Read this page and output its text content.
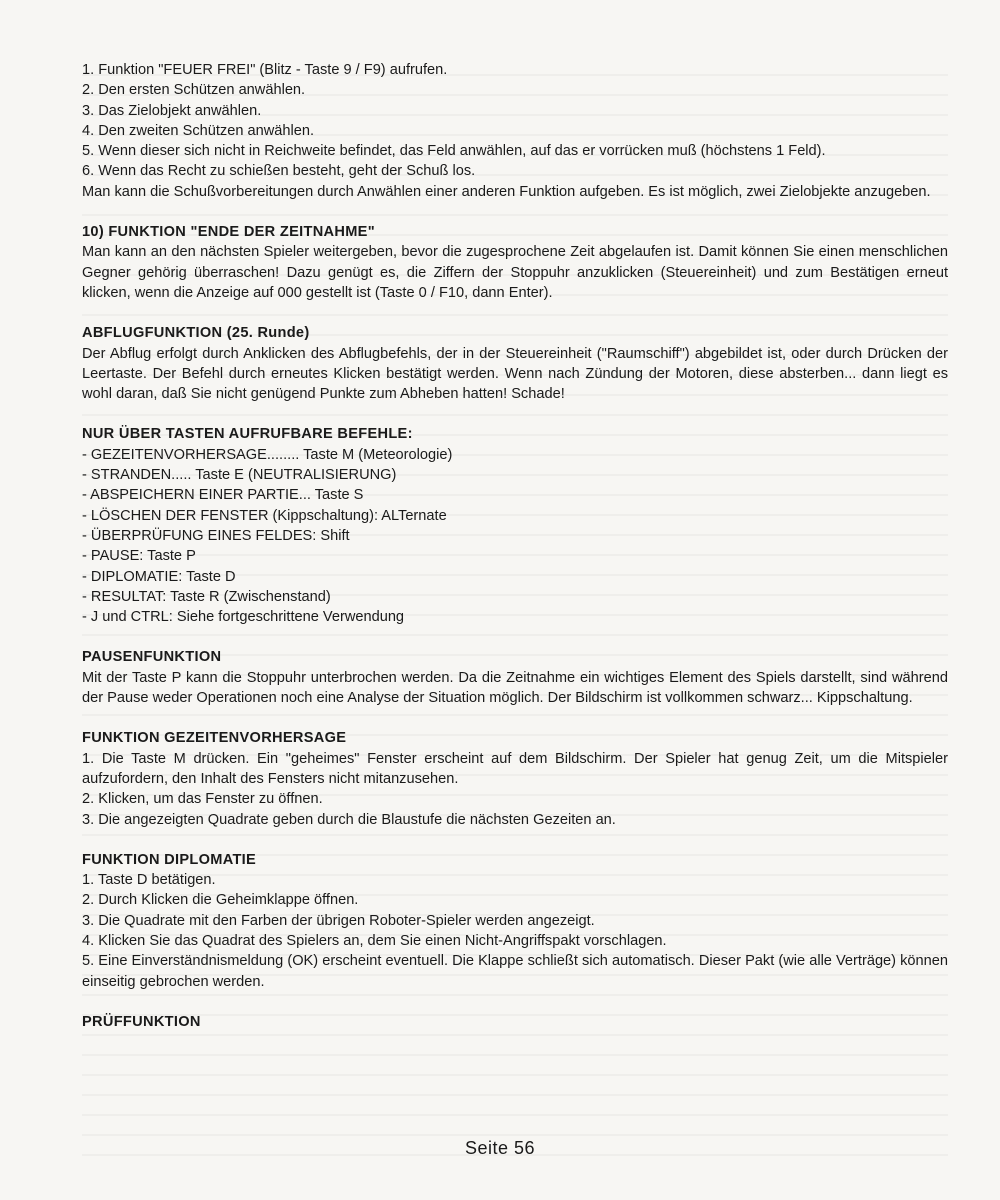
1. Funktion "FEUER FREI" (Blitz - Taste 9 / F9) aufrufen.

2. Den ersten Schützen anwählen.

3. Das Zielobjekt anwählen.

4. Den zweiten Schützen anwählen.

5. Wenn dieser sich nicht in Reichweite befindet, das Feld anwählen, auf das er vorrücken muß (höchstens 1 Feld).

6. Wenn das Recht zu schießen besteht, geht der Schuß los.

Man kann die Schußvorbereitungen durch Anwählen einer anderen Funktion aufgeben. Es ist möglich, zwei Zielobjekte anzugeben.

10) FUNKTION "ENDE DER ZEITNAHME"

Man kann an den nächsten Spieler weitergeben, bevor die zugesprochene Zeit abgelaufen ist. Damit können Sie einen menschlichen Gegner gehörig überraschen! Dazu genügt es, die Ziffern der Stoppuhr anzuklicken (Steuereinheit) und zum Bestätigen erneut klicken, wenn die Anzeige auf 000 gestellt ist (Taste 0 / F10, dann Enter).

ABFLUGFUNKTION (25. Runde)

Der Abflug erfolgt durch Anklicken des Abflugbefehls, der in der Steuereinheit ("Raumschiff") abgebildet ist, oder durch Drücken der Leertaste. Der Befehl durch erneutes Klicken bestätigt werden. Wenn nach Zündung der Motoren, diese absterben... dann liegt es wohl daran, daß Sie nicht genügend Punkte zum Abheben hatten! Schade!

NUR ÜBER TASTEN AUFRUFBARE BEFEHLE:

- GEZEITENVORHERSAGE........ Taste M (Meteorologie)

- STRANDEN..... Taste E (NEUTRALISIERUNG)

- ABSPEICHERN EINER PARTIE... Taste S

- LÖSCHEN DER FENSTER (Kippschaltung): ALTernate

- ÜBERPRÜFUNG EINES FELDES: Shift

- PAUSE: Taste P

- DIPLOMATIE: Taste D

- RESULTAT: Taste R (Zwischenstand)

- J und CTRL: Siehe fortgeschrittene Verwendung

PAUSENFUNKTION

Mit der Taste P kann die Stoppuhr unterbrochen werden. Da die Zeitnahme ein wichtiges Element des Spiels darstellt, sind während der Pause weder Operationen noch eine Analyse der Situation möglich. Der Bildschirm ist vollkommen schwarz... Kippschaltung.

FUNKTION GEZEITENVORHERSAGE

1. Die Taste M drücken. Ein "geheimes" Fenster erscheint auf dem Bildschirm. Der Spieler hat genug Zeit, um die Mitspieler aufzufordern, den Inhalt des Fensters nicht mitanzusehen.

2. Klicken, um das Fenster zu öffnen.

3. Die angezeigten Quadrate geben durch die Blaustufe die nächsten Gezeiten an.

FUNKTION DIPLOMATIE

1. Taste D betätigen.

2. Durch Klicken die Geheimklappe öffnen.

3. Die Quadrate mit den Farben der übrigen Roboter-Spieler werden angezeigt.

4. Klicken Sie das Quadrat des Spielers an, dem Sie einen Nicht-Angriffspakt vorschlagen.

5. Eine Einverständnismeldung (OK) erscheint eventuell. Die Klappe schließt sich automatisch. Dieser Pakt (wie alle Verträge) können einseitig gebrochen werden.

PRÜFFUNKTION

Seite 56
